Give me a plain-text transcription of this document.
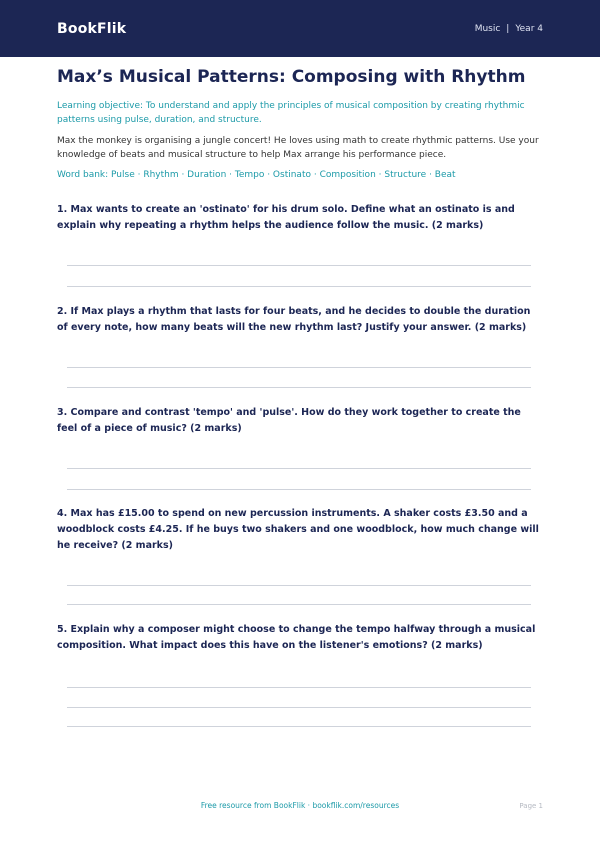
BookFlik	Music | Year 4
Max’s Musical Patterns: Composing with Rhythm

Learning objective: To understand and apply the principles of musical composition by creating rhythmic patterns using pulse, duration, and structure.

Max the monkey is organising a jungle concert! He loves using math to create rhythmic patterns. Use your knowledge of beats and musical structure to help Max arrange his performance piece.

Word bank: Pulse · Rhythm · Duration · Tempo · Ostinato · Composition · Structure · Beat

1. Max wants to create an 'ostinato' for his drum solo. Define what an ostinato is and explain why repeating a rhythm helps the audience follow the music. (2 marks)

2. If Max plays a rhythm that lasts for four beats, and he decides to double the duration of every note, how many beats will the new rhythm last? Justify your answer. (2 marks)

3. Compare and contrast 'tempo' and 'pulse'. How do they work together to create the feel of a piece of music? (2 marks)

4. Max has £15.00 to spend on new percussion instruments. A shaker costs £3.50 and a woodblock costs £4.25. If he buys two shakers and one woodblock, how much change will he receive? (2 marks)

5. Explain why a composer might choose to change the tempo halfway through a musical composition. What impact does this have on the listener's emotions? (2 marks)

Free resource from BookFlik · bookflik.com/resources	Page 1
